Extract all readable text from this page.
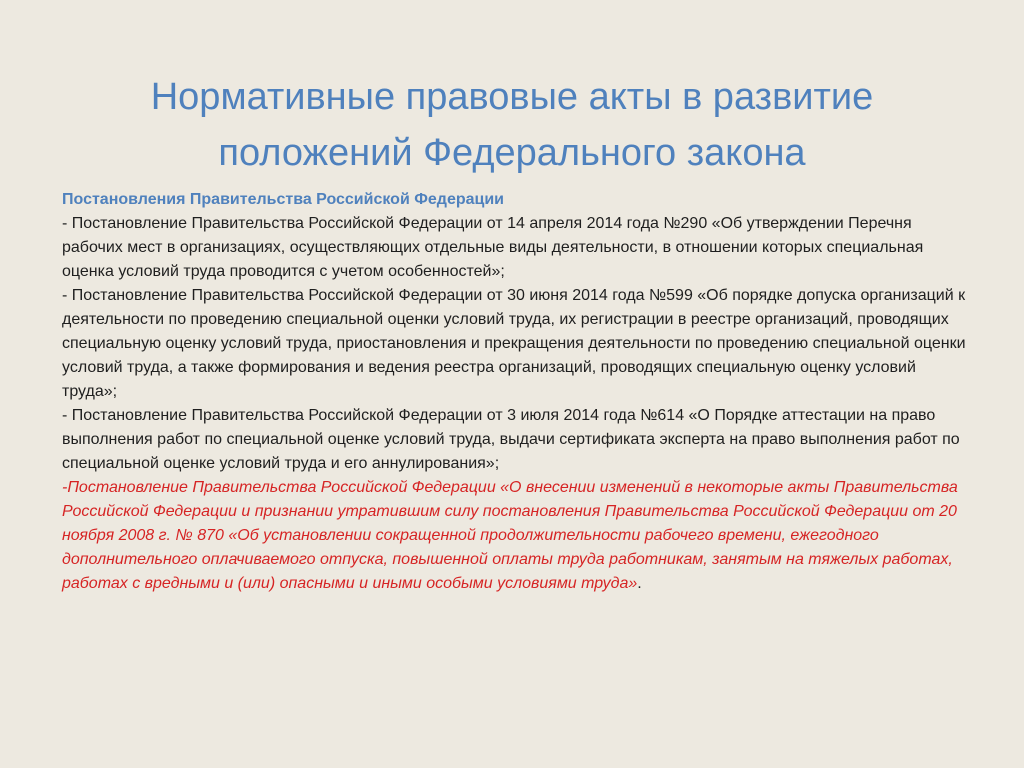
Нормативные правовые акты в развитие
положений Федерального закона

Постановления Правительства Российской Федерации

- Постановление Правительства Российской Федерации от 14 апреля 2014 года №290 «Об утверждении Перечня рабочих мест в организациях, осуществляющих отдельные виды деятельности, в отношении которых специальная оценка условий труда проводится с учетом особенностей»;

- Постановление Правительства Российской Федерации от 30 июня 2014 года №599 «Об порядке допуска организаций к деятельности по проведению специальной оценки условий труда, их регистрации в реестре организаций, проводящих специальную оценку условий труда, приостановления и прекращения деятельности по проведению специальной оценки условий труда, а также формирования и ведения реестра организаций, проводящих специальную оценку условий труда»;

- Постановление Правительства Российской Федерации от 3 июля 2014 года №614 «О Порядке аттестации на право выполнения работ по специальной оценке условий труда, выдачи сертификата эксперта на право выполнения работ по специальной оценке условий труда и его аннулирования»;

-Постановление Правительства Российской Федерации «О внесении изменений в некоторые акты Правительства Российской Федерации и признании утратившим силу постановления Правительства Российской Федерации от 20 ноября 2008 г. № 870 «Об установлении сокращенной продолжительности рабочего времени, ежегодного дополнительного оплачиваемого отпуска, повышенной оплаты труда работникам, занятым на тяжелых работах, работах с вредными и (или) опасными и иными особыми условиями труда».
